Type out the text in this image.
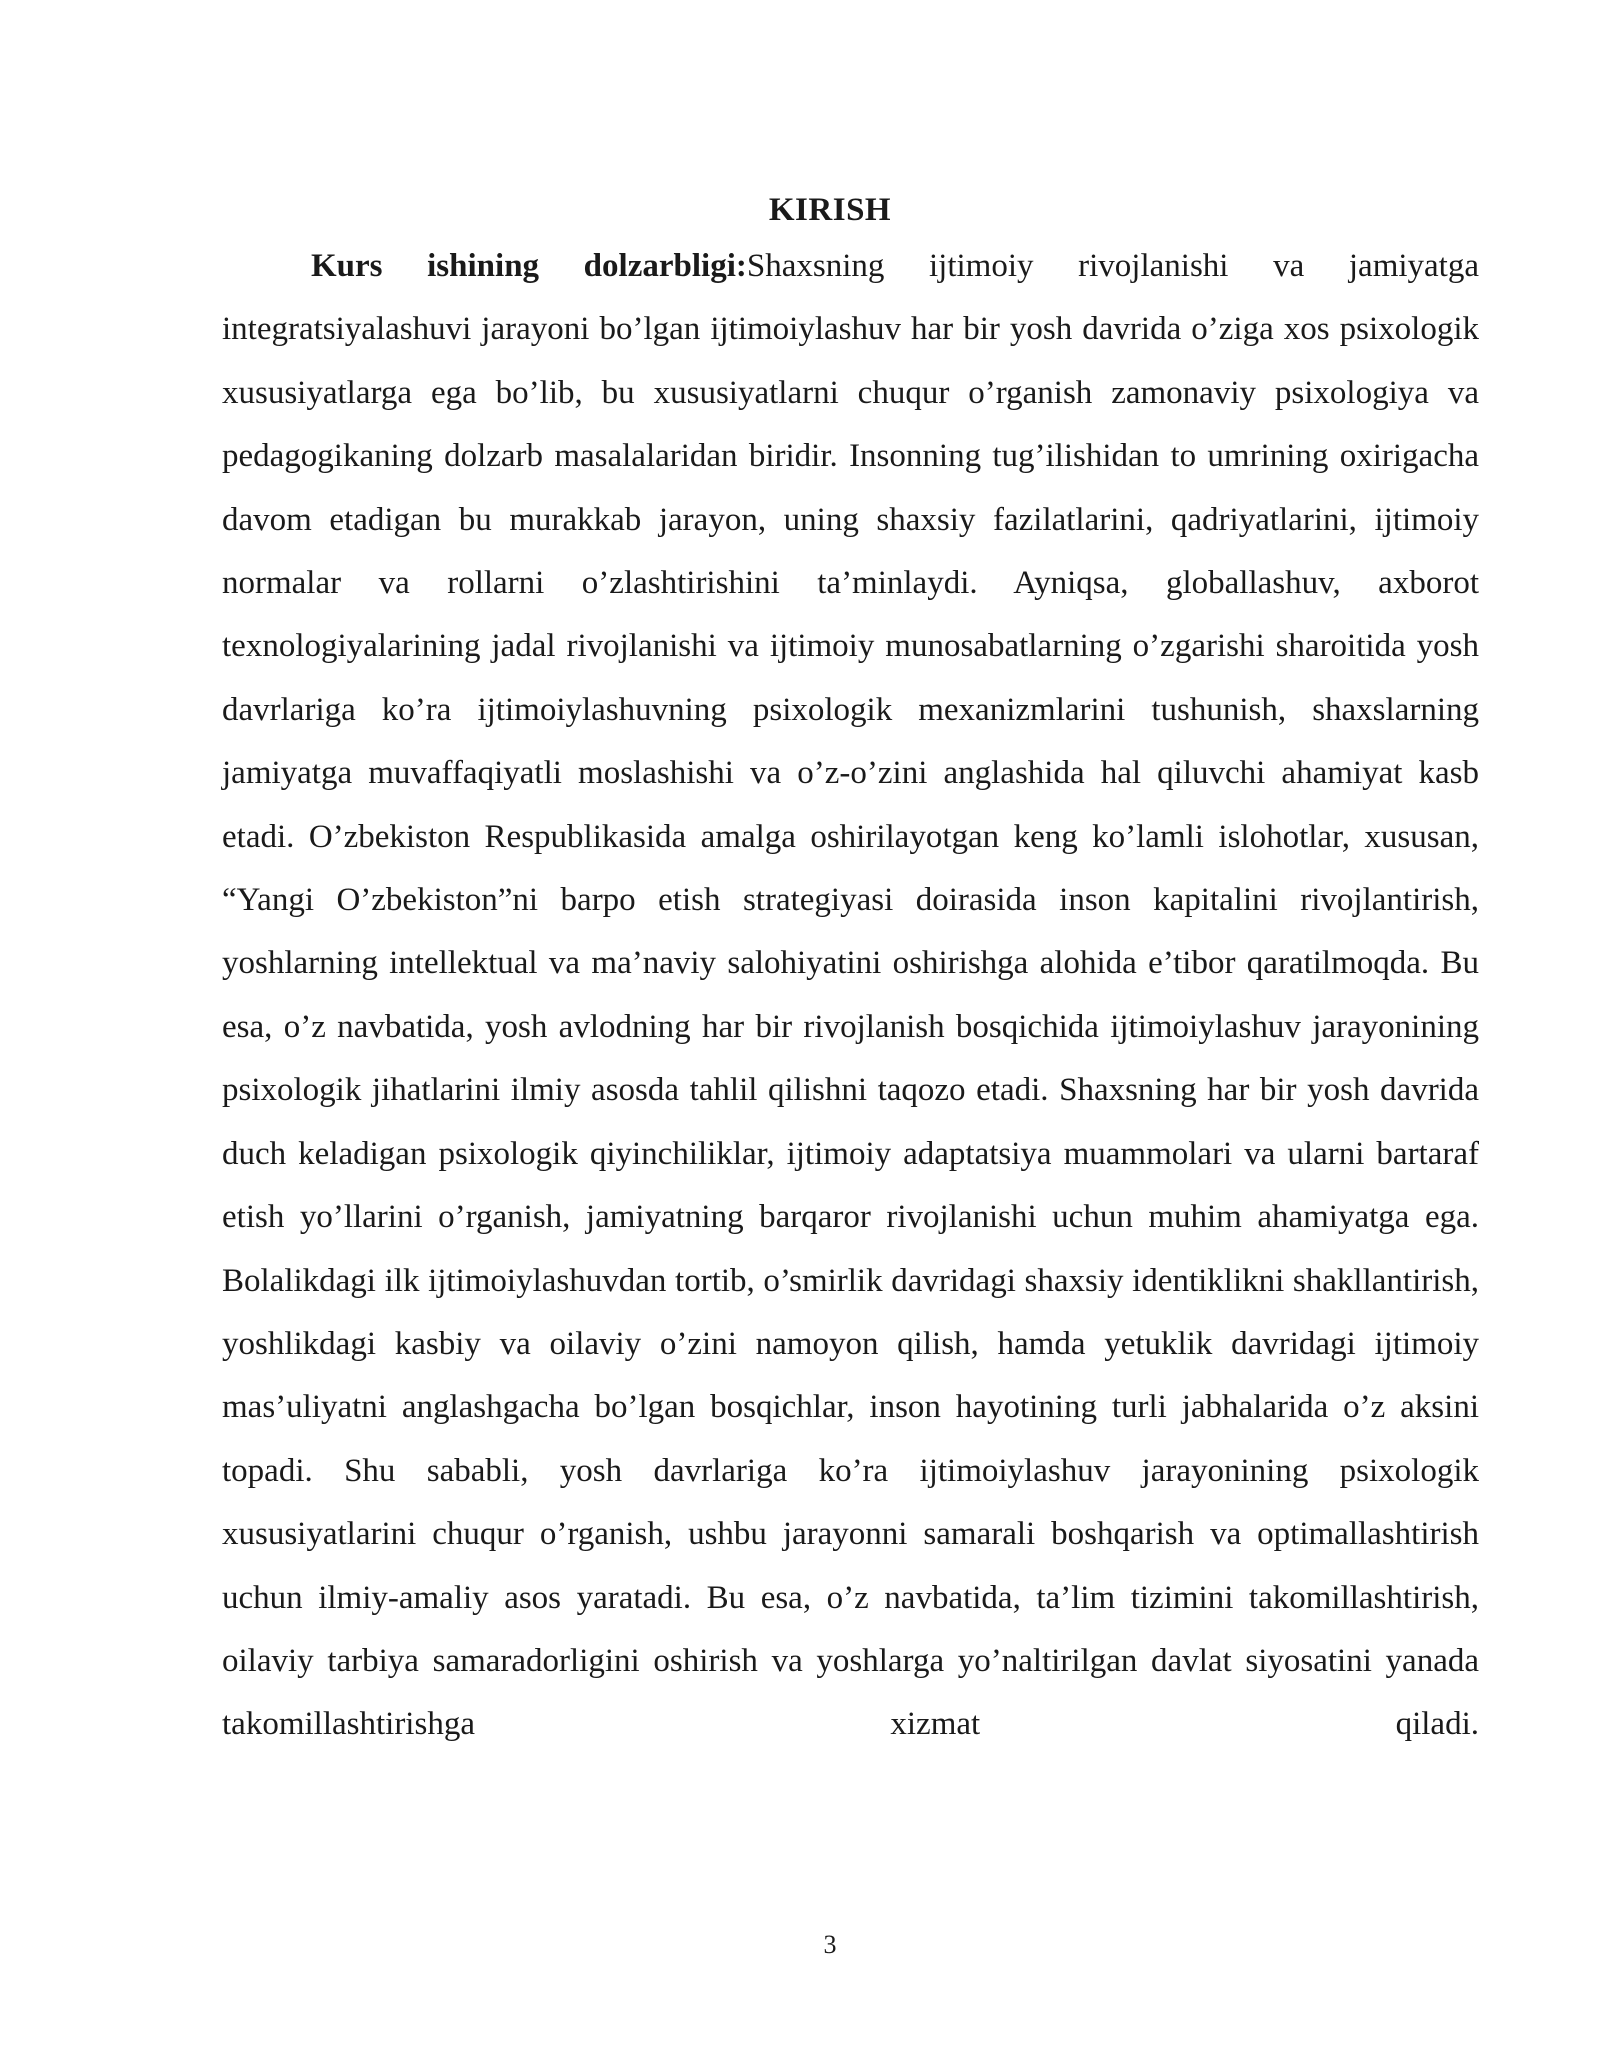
KIRISH

Kurs ishining dolzarbligi:Shaxsning ijtimoiy rivojlanishi va jamiyatga integratsiyalashuvi jarayoni bo’lgan ijtimoiylashuv har bir yosh davrida o’ziga xos psixologik xususiyatlarga ega bo’lib, bu xususiyatlarni chuqur o’rganish zamonaviy psixologiya va pedagogikaning dolzarb masalalaridan biridir. Insonning tug’ilishidan to umrining oxirigacha davom etadigan bu murakkab jarayon, uning shaxsiy fazilatlarini, qadriyatlarini, ijtimoiy normalar va rollarni o’zlashtirishini ta’minlaydi. Ayniqsa, globallashuv, axborot texnologiyalarining jadal rivojlanishi va ijtimoiy munosabatlarning o’zgarishi sharoitida yosh davrlariga ko’ra ijtimoiylashuvning psixologik mexanizmlarini tushunish, shaxslarning jamiyatga muvaffaqiyatli moslashishi va o’z-o’zini anglashida hal qiluvchi ahamiyat kasb etadi. O’zbekiston Respublikasida amalga oshirilayotgan keng ko’lamli islohotlar, xususan, “Yangi O’zbekiston”ni barpo etish strategiyasi doirasida inson kapitalini rivojlantirish, yoshlarning intellektual va ma’naviy salohiyatini oshirishga alohida e’tibor qaratilmoqda. Bu esa, o’z navbatida, yosh avlodning har bir rivojlanish bosqichida ijtimoiylashuv jarayonining psixologik jihatlarini ilmiy asosda tahlil qilishni taqozo etadi. Shaxsning har bir yosh davrida duch keladigan psixologik qiyinchiliklar, ijtimoiy adaptatsiya muammolari va ularni bartaraf etish yo’llarini o’rganish, jamiyatning barqaror rivojlanishi uchun muhim ahamiyatga ega. Bolalikdagi ilk ijtimoiylashuvdan tortib, o’smirlik davridagi shaxsiy identiklikni shakllantirish, yoshlikdagi kasbiy va oilaviy o’zini namoyon qilish, hamda yetuklik davridagi ijtimoiy mas’uliyatni anglashgacha bo’lgan bosqichlar, inson hayotining turli jabhalarida o’z aksini topadi. Shu sababli, yosh davrlariga ko’ra ijtimoiylashuv jarayonining psixologik xususiyatlarini chuqur o’rganish, ushbu jarayonni samarali boshqarish va optimallashtirish uchun ilmiy-amaliy asos yaratadi. Bu esa, o’z navbatida, ta’lim tizimini takomillashtirish, oilaviy tarbiya samaradorligini oshirish va yoshlarga yo’naltirilgan davlat siyosatini yanada takomillashtirishga xizmat qiladi.

3
